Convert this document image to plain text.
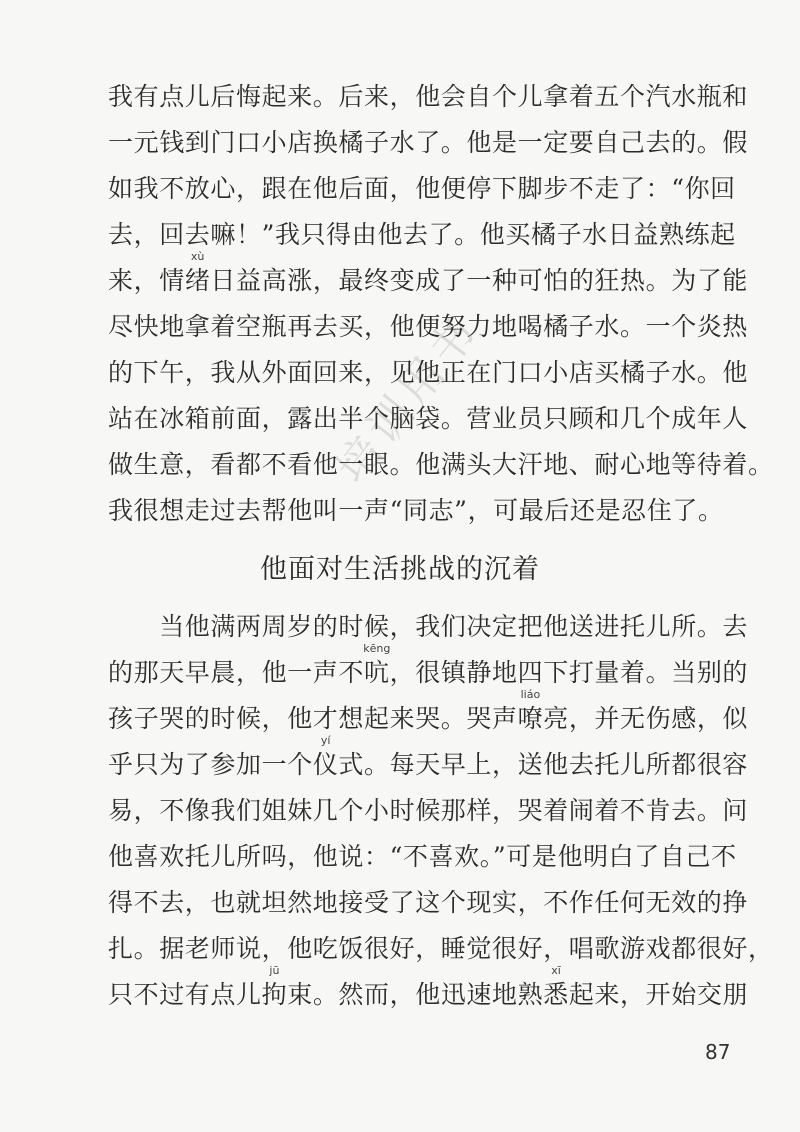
培训用书
我有点儿后悔起来。后来，他会自个儿拿着五个汽水瓶和
一元钱到门口小店换橘子水了。他是一定要自己去的。假
如我不放心，跟在他后面，他便停下脚步不走了：“你回
去，回去嘛！”我只得由他去了。他买橘子水日益熟练起
来，情
xù
绪日益高涨，最终变成了一种可怕的狂热。为了能
尽快地拿着空瓶再去买，他便努力地喝橘子水。一个炎热
的下午，我从外面回来，见他正在门口小店买橘子水。他
站在冰箱前面，露出半个脑袋。营业员只顾和几个成年人
做生意，看都不看他一眼。他满头大汗地、耐心地等待着。
我很想走过去帮他叫一声“同志”，可最后还是忍住了。
他面对生活挑战的沉着
　　当他满两周岁的时候，我们决定把他送进托儿所。去
的那天早晨，他一声不
kēng
吭，很镇静地四下打量着。当别的
孩子哭的时候，他才想起来哭。哭声
liáo
嘹亮，并无伤感，似
乎只为了参加一个
yí
仪式。每天早上，送他去托儿所都很容
易，不像我们姐妹几个小时候那样，哭着闹着不肯去。问
他喜欢托儿所吗，他说：“不喜欢。”可是他明白了自己不
得不去，也就坦然地接受了这个现实，不作任何无效的挣
扎。据老师说，他吃饭很好，睡觉很好，唱歌游戏都很好，
只不过有点儿
jū
拘束。然而，他迅速地熟
xī
悉起来，开始交朋
87
